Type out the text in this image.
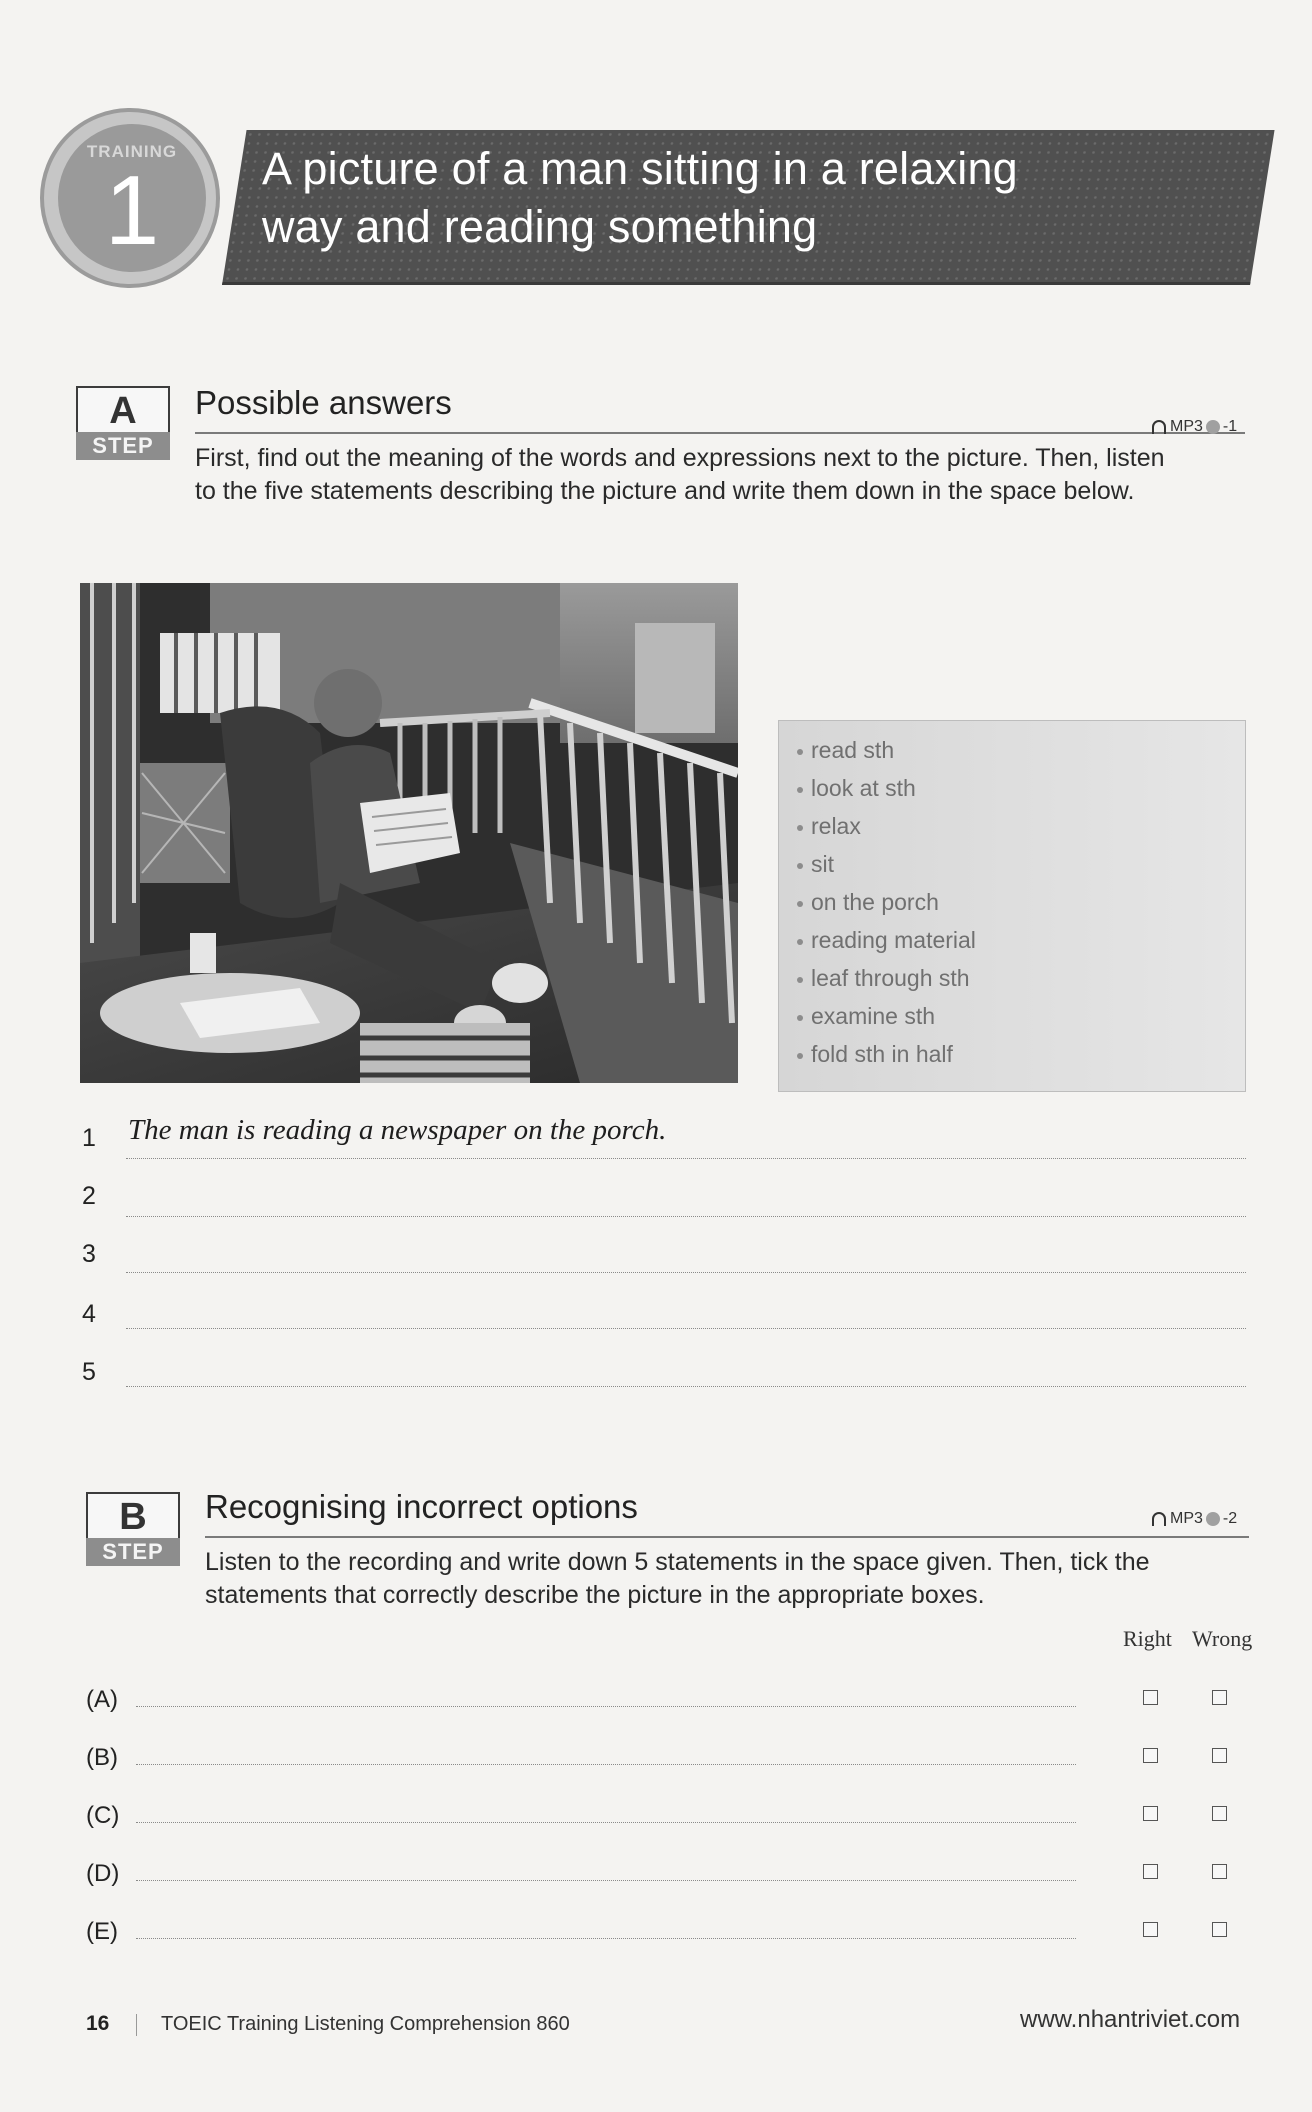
A picture of a man sitting in a relaxing
way and reading something
TRAINING
1
A
STEP
Possible answers
MP3 -1
First, find out the meaning of the words and expressions next to the picture. Then, listen
to the five statements describing the picture and write them down in the space below.
read sth
look at sth
relax
sit
on the porch
reading material
leaf through sth
examine sth
fold sth in half
1 The man is reading a newspaper on the porch.
2
3
4
5
B
STEP
Recognising incorrect options	MP3 -2
Listen to the recording and write down 5 statements in the space given. Then, tick the
statements that correctly describe the picture in the appropriate boxes.
Right Wrong
(A)
(B)
(C)
(D)
(E)
16	TOEIC Training Listening Comprehension 860	www.nhantriviet.com
